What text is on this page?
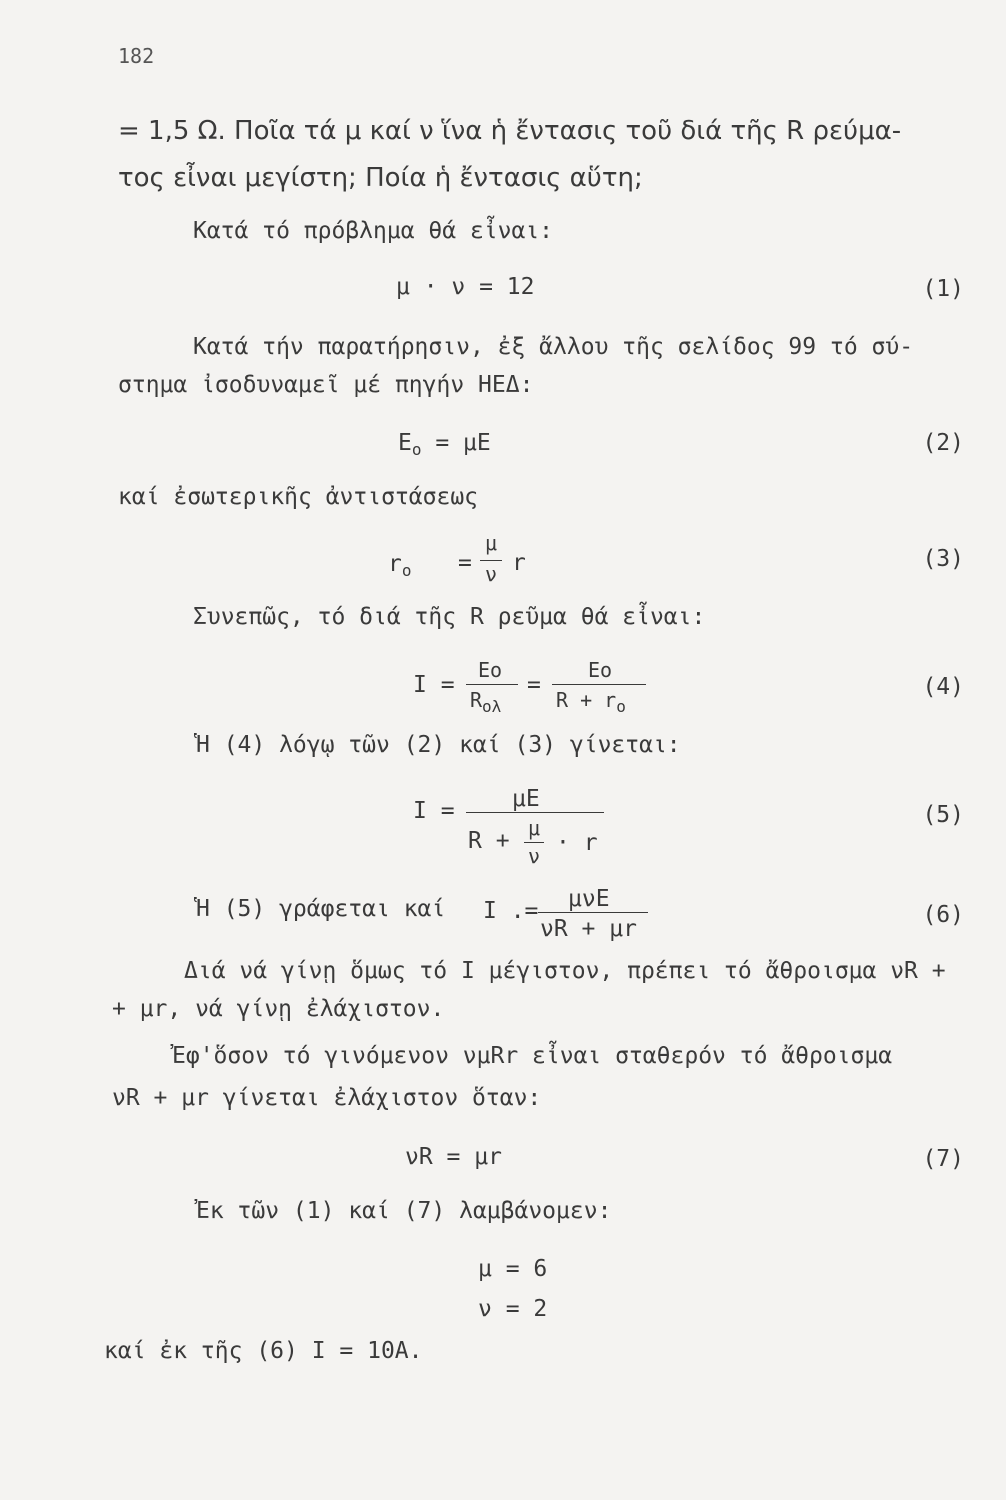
182
= 1,5 Ω. Ποῖα τά μ καί ν ἵνα ἡ ἔντασις τοῦ διά τῆς R ρεύμα-
τος εἶναι μεγίστη; Ποία ἡ ἔντασις αὕτη;
Κατά τό πρόβλημα θά εἶναι:
μ · ν = 12	(1)
Κατά τήν παρατήρησιν, ἐξ ἄλλου τῆς σελίδος 99 τό σύ-
στημα ἰσοδυναμεῖ μέ πηγήν ΗΕΔ:
$E_o = \mu E$	(2)
καί ἐσωτερικῆς ἀντιστάσεως
$r_o$ =
μ
ν r	(3)
Συνεπῶς, τό διά τῆς R ρεῦμα θά εἶναι:
I =
Eo
$R_{o\lambda}$
=
Eo
$R + r_o$
(4)
Ἡ (4) λόγῳ τῶν (2) καί (3) γίνεται:
I = μE
R + μ
ν · r
(5)
Ἡ (5) γράφεται καί I .= μνE
νR + μr
(6)
Διά νά γίνῃ ὅμως τό I μέγιστον, πρέπει τό ἄθροισμα νR +
+ μr, νά γίνῃ ἐλάχιστον.
Ἐφ'ὅσον τό γινόμενον νμRr εἶναι σταθερόν τό ἄθροισμα
νR + μr γίνεται ἐλάχιστον ὅταν:
νR = μr	(7)
Ἐκ τῶν (1) καί (7) λαμβάνομεν:
μ = 6
ν = 2
καί ἐκ τῆς (6) I = 10A.
